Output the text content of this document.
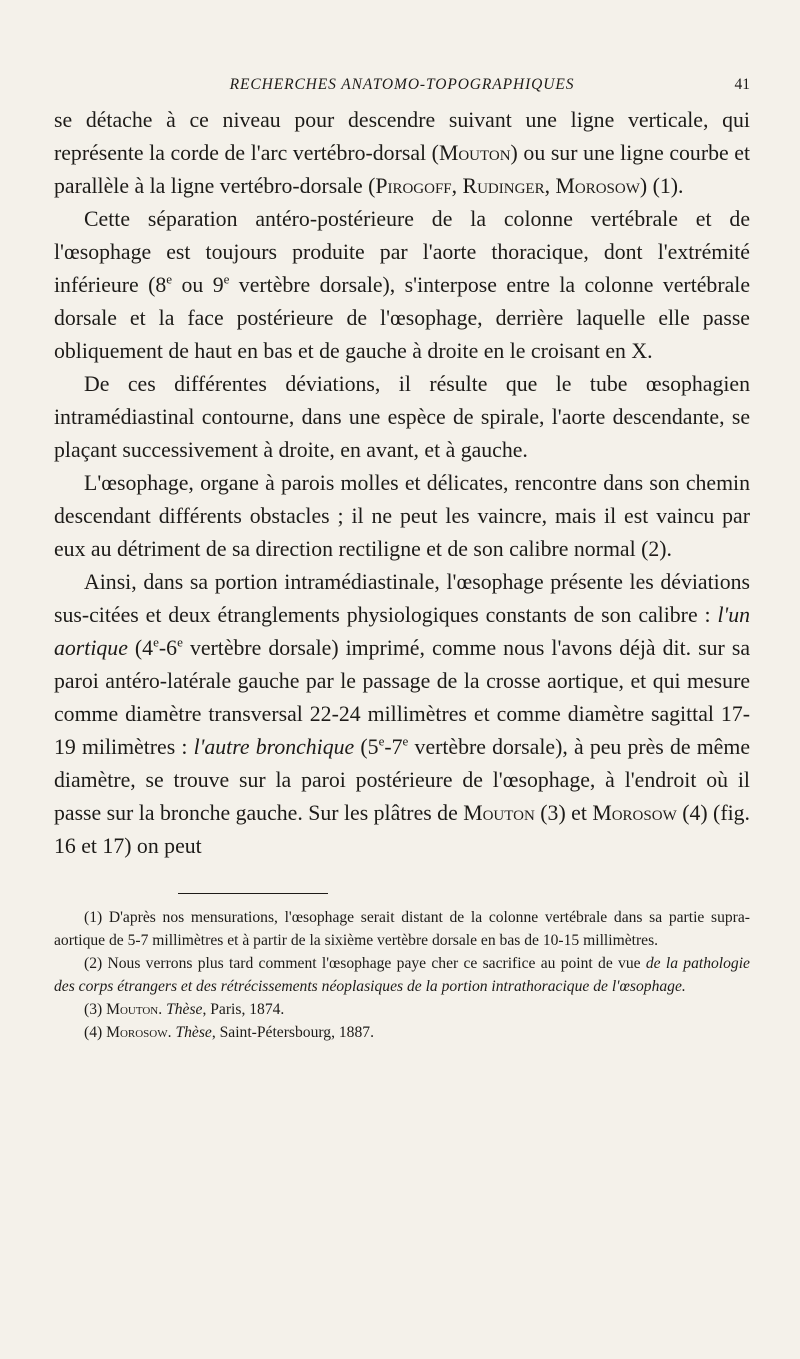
RECHERCHES ANATOMO-TOPOGRAPHIQUES	41

se détache à ce niveau pour descendre suivant une ligne verticale, qui représente la corde de l'arc vertébro-dorsal (Mouton) ou sur une ligne courbe et parallèle à la ligne vertébro-dorsale (Pirogoff, Rudinger, Morosow) (1).

Cette séparation antéro-postérieure de la colonne vertébrale et de l'œsophage est toujours produite par l'aorte thoracique, dont l'extrémité inférieure (8e ou 9e vertèbre dorsale), s'interpose entre la colonne vertébrale dorsale et la face postérieure de l'œsophage, derrière laquelle elle passe obliquement de haut en bas et de gauche à droite en le croisant en X.

De ces différentes déviations, il résulte que le tube œsophagien intramédiastinal contourne, dans une espèce de spirale, l'aorte descendante, se plaçant successivement à droite, en avant, et à gauche.

L'œsophage, organe à parois molles et délicates, rencontre dans son chemin descendant différents obstacles ; il ne peut les vaincre, mais il est vaincu par eux au détriment de sa direction rectiligne et de son calibre normal (2).

Ainsi, dans sa portion intramédiastinale, l'œsophage présente les déviations sus-citées et deux étranglements physiologiques constants de son calibre : l'un aortique (4e-6e vertèbre dorsale) imprimé, comme nous l'avons déjà dit. sur sa paroi antéro-latérale gauche par le passage de la crosse aortique, et qui mesure comme diamètre transversal 22-24 millimètres et comme diamètre sagittal 17-19 milimètres : l'autre bronchique (5e-7e vertèbre dorsale), à peu près de même diamètre, se trouve sur la paroi postérieure de l'œsophage, à l'endroit où il passe sur la bronche gauche. Sur les plâtres de Mouton (3) et Morosow (4) (fig. 16 et 17) on peut

(1) D'après nos mensurations, l'œsophage serait distant de la colonne vertébrale dans sa partie supra-aortique de 5-7 millimètres et à partir de la sixième vertèbre dorsale en bas de 10-15 millimètres.

(2) Nous verrons plus tard comment l'œsophage paye cher ce sacrifice au point de vue de la pathologie des corps étrangers et des rétrécissements néoplasiques de la portion intrathoracique de l'œsophage.

(3) Mouton. Thèse, Paris, 1874.

(4) Morosow. Thèse, Saint-Pétersbourg, 1887.
